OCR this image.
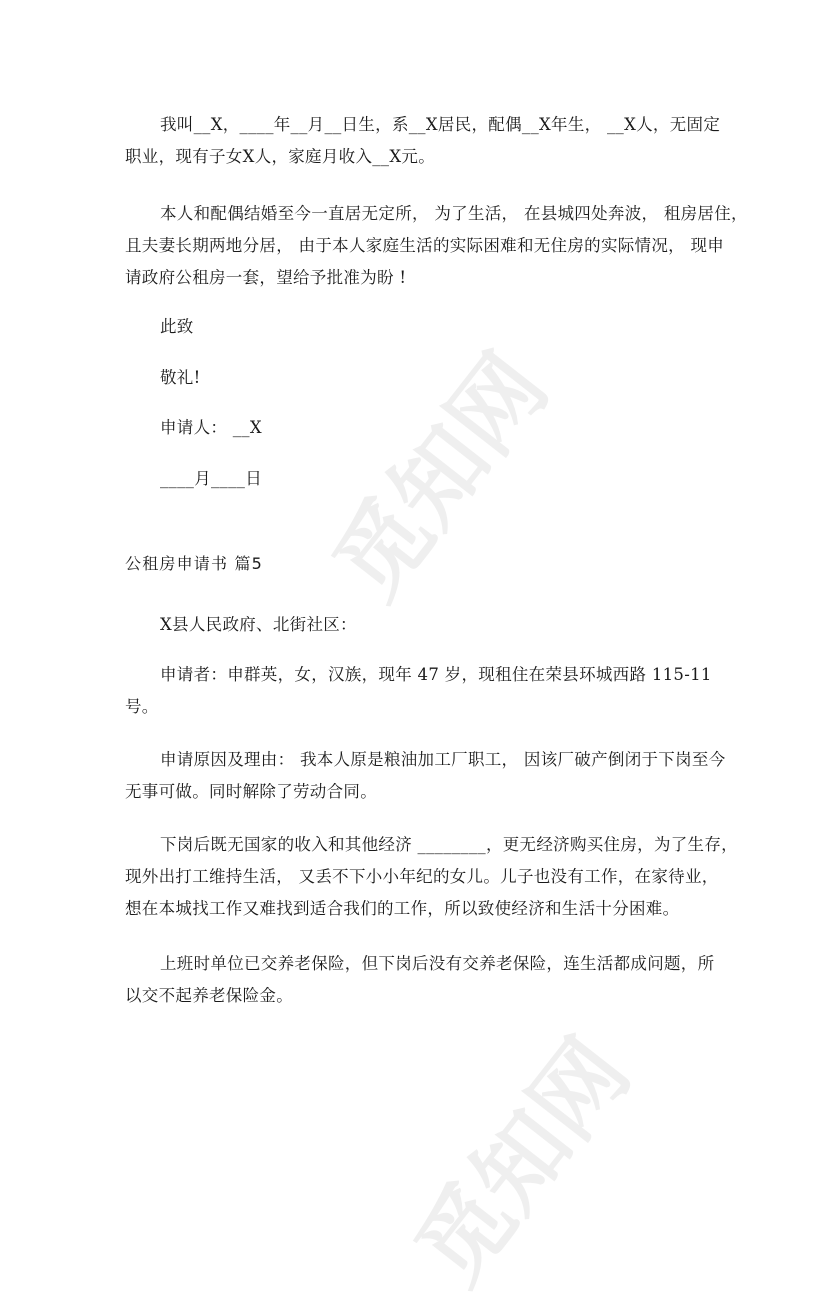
觅知网
觅知网
我叫__X，____年__月__日生，系__X居民，配偶__X年生， __X人，无固定
职业，现有子女X人，家庭月收入__X元。
本人和配偶结婚至今一直居无定所， 为了生活， 在县城四处奔波， 租房居住，
且夫妻长期两地分居， 由于本人家庭生活的实际困难和无住房的实际情况， 现申
请政府公租房一套，望给予批准为盼 !
此致
敬礼!
申请人： __X
____月____日
公租房申请书 篇5
X县人民政府、北街社区：
申请者：申群英，女，汉族，现年 47 岁，现租住在荣县环城西路 115-11
号。
申请原因及理由： 我本人原是粮油加工厂职工， 因该厂破产倒闭于下岗至今
无事可做。同时解除了劳动合同。
下岗后既无国家的收入和其他经济 ________，更无经济购买住房，为了生存，
现外出打工维持生活， 又丢不下小小年纪的女儿。儿子也没有工作，在家待业，
想在本城找工作又难找到适合我们的工作，所以致使经济和生活十分困难。
上班时单位已交养老保险，但下岗后没有交养老保险，连生活都成问题，所
以交不起养老保险金。
